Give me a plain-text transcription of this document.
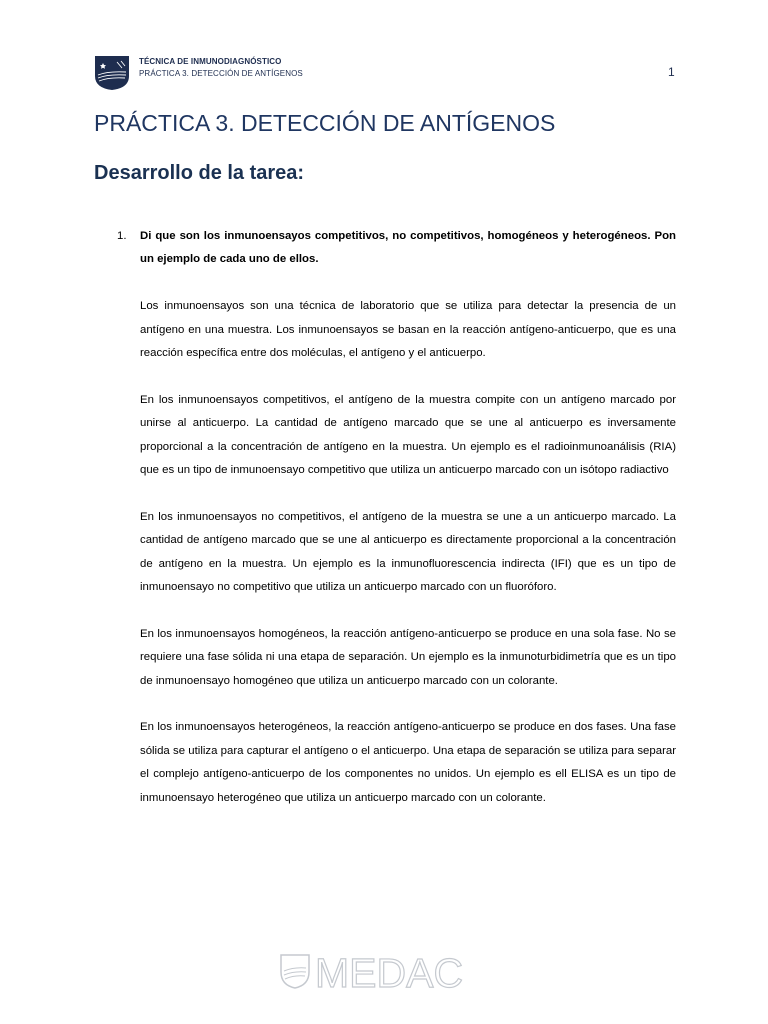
TÉCNICA DE INMUNODIAGNÓSTICO
PRÁCTICA 3. DETECCIÓN DE ANTÍGENOS	1
PRÁCTICA 3. DETECCIÓN DE ANTÍGENOS
Desarrollo de la tarea:

1. Di que son los inmunoensayos competitivos, no competitivos, homogéneos y heterogéneos. Pon un ejemplo de cada uno de ellos.

Los inmunoensayos son una técnica de laboratorio que se utiliza para detectar la presencia de un antígeno en una muestra. Los inmunoensayos se basan en la reacción antígeno-anticuerpo, que es una reacción específica entre dos moléculas, el antígeno y el anticuerpo.

En los inmunoensayos competitivos, el antígeno de la muestra compite con un antígeno marcado por unirse al anticuerpo. La cantidad de antígeno marcado que se une al anticuerpo es inversamente proporcional a la concentración de antígeno en la muestra. Un ejemplo es el radioinmunoanálisis (RIA) que es un tipo de inmunoensayo competitivo que utiliza un anticuerpo marcado con un isótopo radiactivo

En los inmunoensayos no competitivos, el antígeno de la muestra se une a un anticuerpo marcado. La cantidad de antígeno marcado que se une al anticuerpo es directamente proporcional a la concentración de antígeno en la muestra. Un ejemplo es la inmunofluorescencia indirecta (IFI) que es un tipo de inmunoensayo no competitivo que utiliza un anticuerpo marcado con un fluoróforo.

En los inmunoensayos homogéneos, la reacción antígeno-anticuerpo se produce en una sola fase. No se requiere una fase sólida ni una etapa de separación. Un ejemplo es la inmunoturbidimetría que es un tipo de inmunoensayo homogéneo que utiliza un anticuerpo marcado con un colorante.

En los inmunoensayos heterogéneos, la reacción antígeno-anticuerpo se produce en dos fases. Una fase sólida se utiliza para capturar el antígeno o el anticuerpo. Una etapa de separación se utiliza para separar el complejo antígeno-anticuerpo de los componentes no unidos. Un ejemplo es ell ELISA es un tipo de inmunoensayo heterogéneo que utiliza un anticuerpo marcado con un colorante.

MEDAC
